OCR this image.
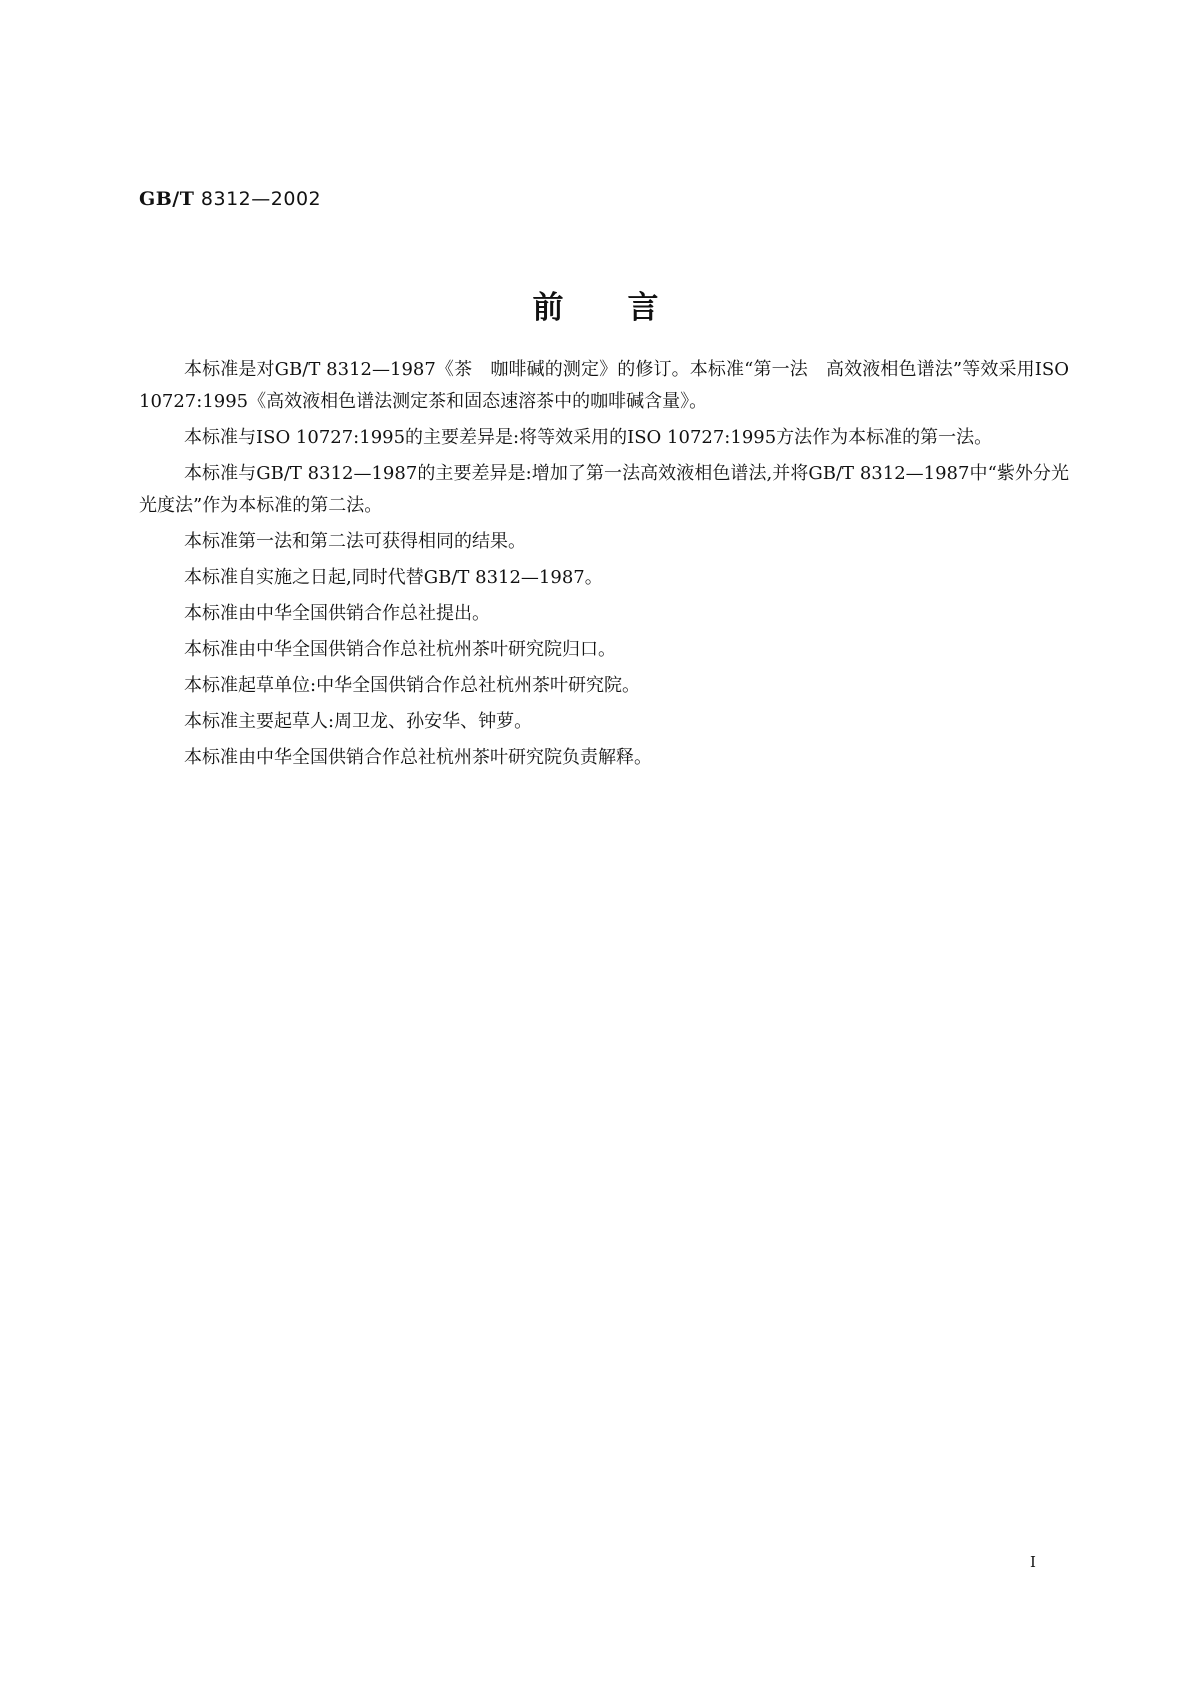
GB/T 8312—2002
前言

本标准是对GB/T 8312—1987《茶　咖啡碱的测定》的修订。本标准“第一法　高效液相色谱法”等效采用ISO 10727:1995《高效液相色谱法测定茶和固态速溶茶中的咖啡碱含量》。

本标准与ISO 10727:1995的主要差异是:将等效采用的ISO 10727:1995方法作为本标准的第一法。

本标准与GB/T 8312—1987的主要差异是:增加了第一法高效液相色谱法,并将GB/T 8312—1987中“紫外分光光度法”作为本标准的第二法。

本标准第一法和第二法可获得相同的结果。

本标准自实施之日起,同时代替GB/T 8312—1987。

本标准由中华全国供销合作总社提出。

本标准由中华全国供销合作总社杭州茶叶研究院归口。

本标准起草单位:中华全国供销合作总社杭州茶叶研究院。

本标准主要起草人:周卫龙、孙安华、钟萝。

本标准由中华全国供销合作总社杭州茶叶研究院负责解释。

I
